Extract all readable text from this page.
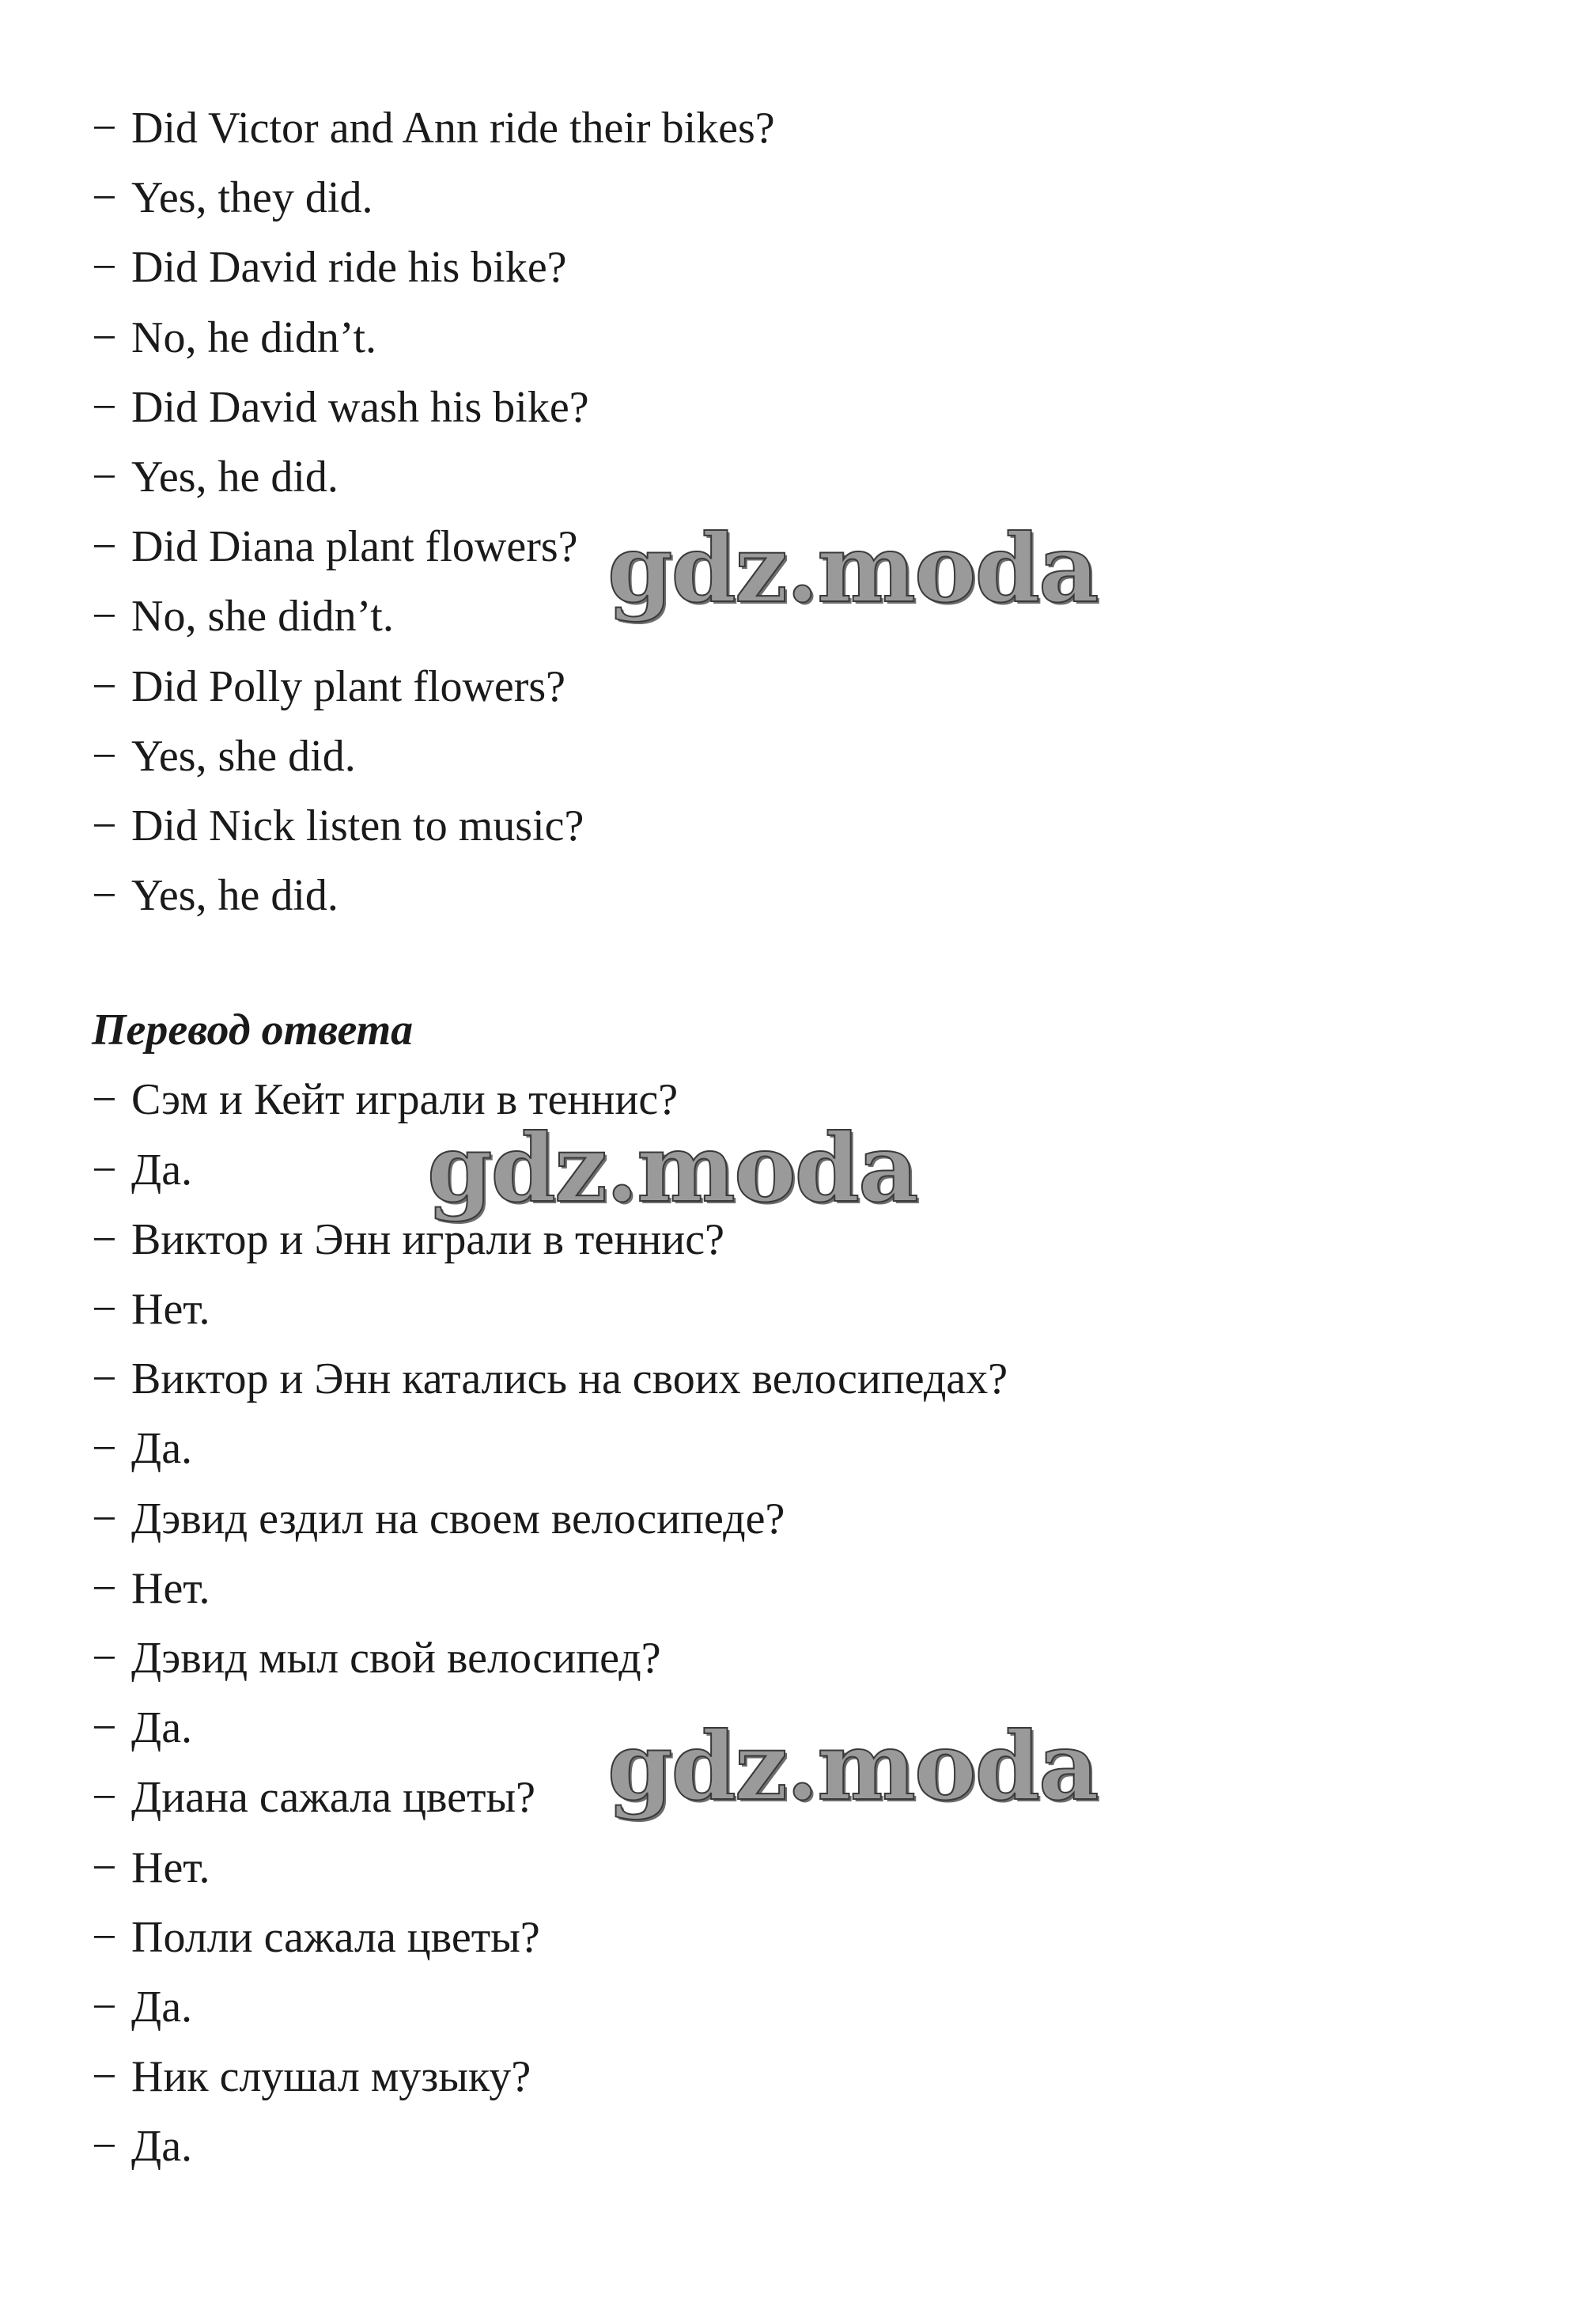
− Did Victor and Ann ride their bikes?
− Yes, they did.
− Did David ride his bike?
− No, he didn’t.
− Did David wash his bike?
− Yes, he did.
− Did Diana plant flowers?
− No, she didn’t.
− Did Polly plant flowers?
− Yes, she did.
− Did Nick listen to music?
− Yes, he did.
Перевод ответа
− Сэм и Кейт играли в теннис?
− Да.
− Виктор и Энн играли в теннис?
− Нет.
− Виктор и Энн катались на своих велосипедах?
− Да.
− Дэвид ездил на своем велосипеде?
− Нет.
− Дэвид мыл свой велосипед?
− Да.
− Диана сажала цветы?
− Нет.
− Полли сажала цветы?
− Да.
− Ник слушал музыку?
− Да.
gdz.moda
gdz.moda
gdz.moda
